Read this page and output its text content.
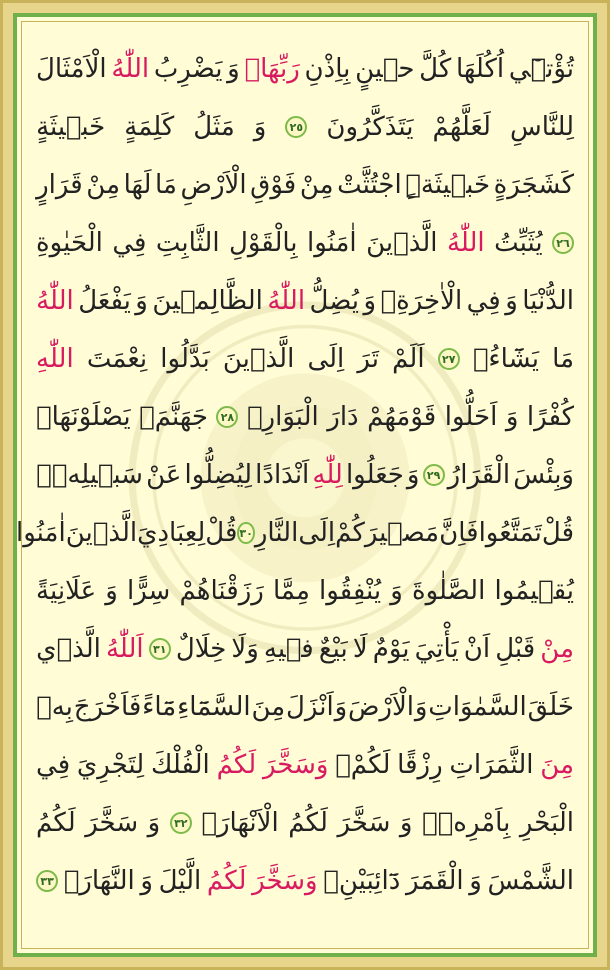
تُؤْتٖٓي
اُكُلَهَا
كُلَّ
حٖينٍ
بِاِذْنِ
رَبِّهَاۜ
وَ
يَضْرِبُ
اللّٰهُ
الْاَمْثَالَ
لِلنَّاسِ
لَعَلَّهُمْ
يَتَذَكَّرُونَ
٢٥
وَ
مَثَلُ
كَلِمَةٍ
خَبٖيثَةٍ
كَشَجَرَةٍ
خَبٖيثَةٍۨ
اجْتُثَّتْ
مِنْ
فَوْقِ
الْاَرْضِ
مَا
لَهَا
مِنْ
قَرَارٍ
٢٦
يُثَبِّتُ
اللّٰهُ
الَّذٖينَ
اٰمَنُوا
بِالْقَوْلِ
الثَّابِتِ
فِي
الْحَيٰوةِ
الدُّنْيَا
وَ
فِي
الْاٰخِرَةِۚ
وَ
يُضِلُّ
اللّٰهُ
الظَّالِمٖينَ
وَ
يَفْعَلُ
اللّٰهُ
مَا
يَشَٓاءُ۟
٢٧
اَلَمْ
تَرَ
اِلَى
الَّذٖينَ
بَدَّلُوا
نِعْمَتَ
اللّٰهِ
كُفْرًا
وَ
اَحَلُّوا
قَوْمَهُمْ
دَارَ
الْبَوَارِۙ
٢٨
جَهَنَّمَۚ
يَصْلَوْنَهَاۜ
وَبِئْسَ
الْقَرَارُ
٢٩
وَ
جَعَلُوا
لِلّٰهِ
اَنْدَادًا
لِيُضِلُّوا
عَنْ
سَبٖيلِهٖۜ
قُلْ
تَمَتَّعُوا
فَاِنَّ
مَصٖيرَكُمْ
اِلَى
النَّارِ
٣٠
قُلْ
لِعِبَادِيَ
الَّذٖينَ
اٰمَنُوا
يُقٖيمُوا
الصَّلٰوةَ
وَ
يُنْفِقُوا
مِمَّا
رَزَقْنَاهُمْ
سِرًّا
وَ
عَلَانِيَةً
مِنْ
قَبْلِ
اَنْ
يَأْتِيَ
يَوْمٌ
لَا
بَيْعٌ
فٖيهِ
وَلَا
خِلَالٌ
٣١
اَللّٰهُ
الَّذٖي
خَلَقَ
السَّمٰوَاتِ
وَ
الْاَرْضَ
وَ
اَنْزَلَ
مِنَ
السَّمَٓاءِ
مَٓاءً
فَاَخْرَجَ
بِهٖ
مِنَ
الثَّمَرَاتِ
رِزْقًا
لَكُمْۚ
وَسَخَّرَ
لَكُمُ
الْفُلْكَ
لِتَجْرِيَ
فِي
الْبَحْرِ
بِاَمْرِهٖۚ
وَ
سَخَّرَ
لَكُمُ
الْاَنْهَارَۚ
٣٢
وَ
سَخَّرَ
لَكُمُ
الشَّمْسَ
وَ
الْقَمَرَ
دَٓائِبَيْنِۚ
وَسَخَّرَ
لَكُمُ
الَّيْلَ
وَ
النَّهَارَۚ
٣٣
